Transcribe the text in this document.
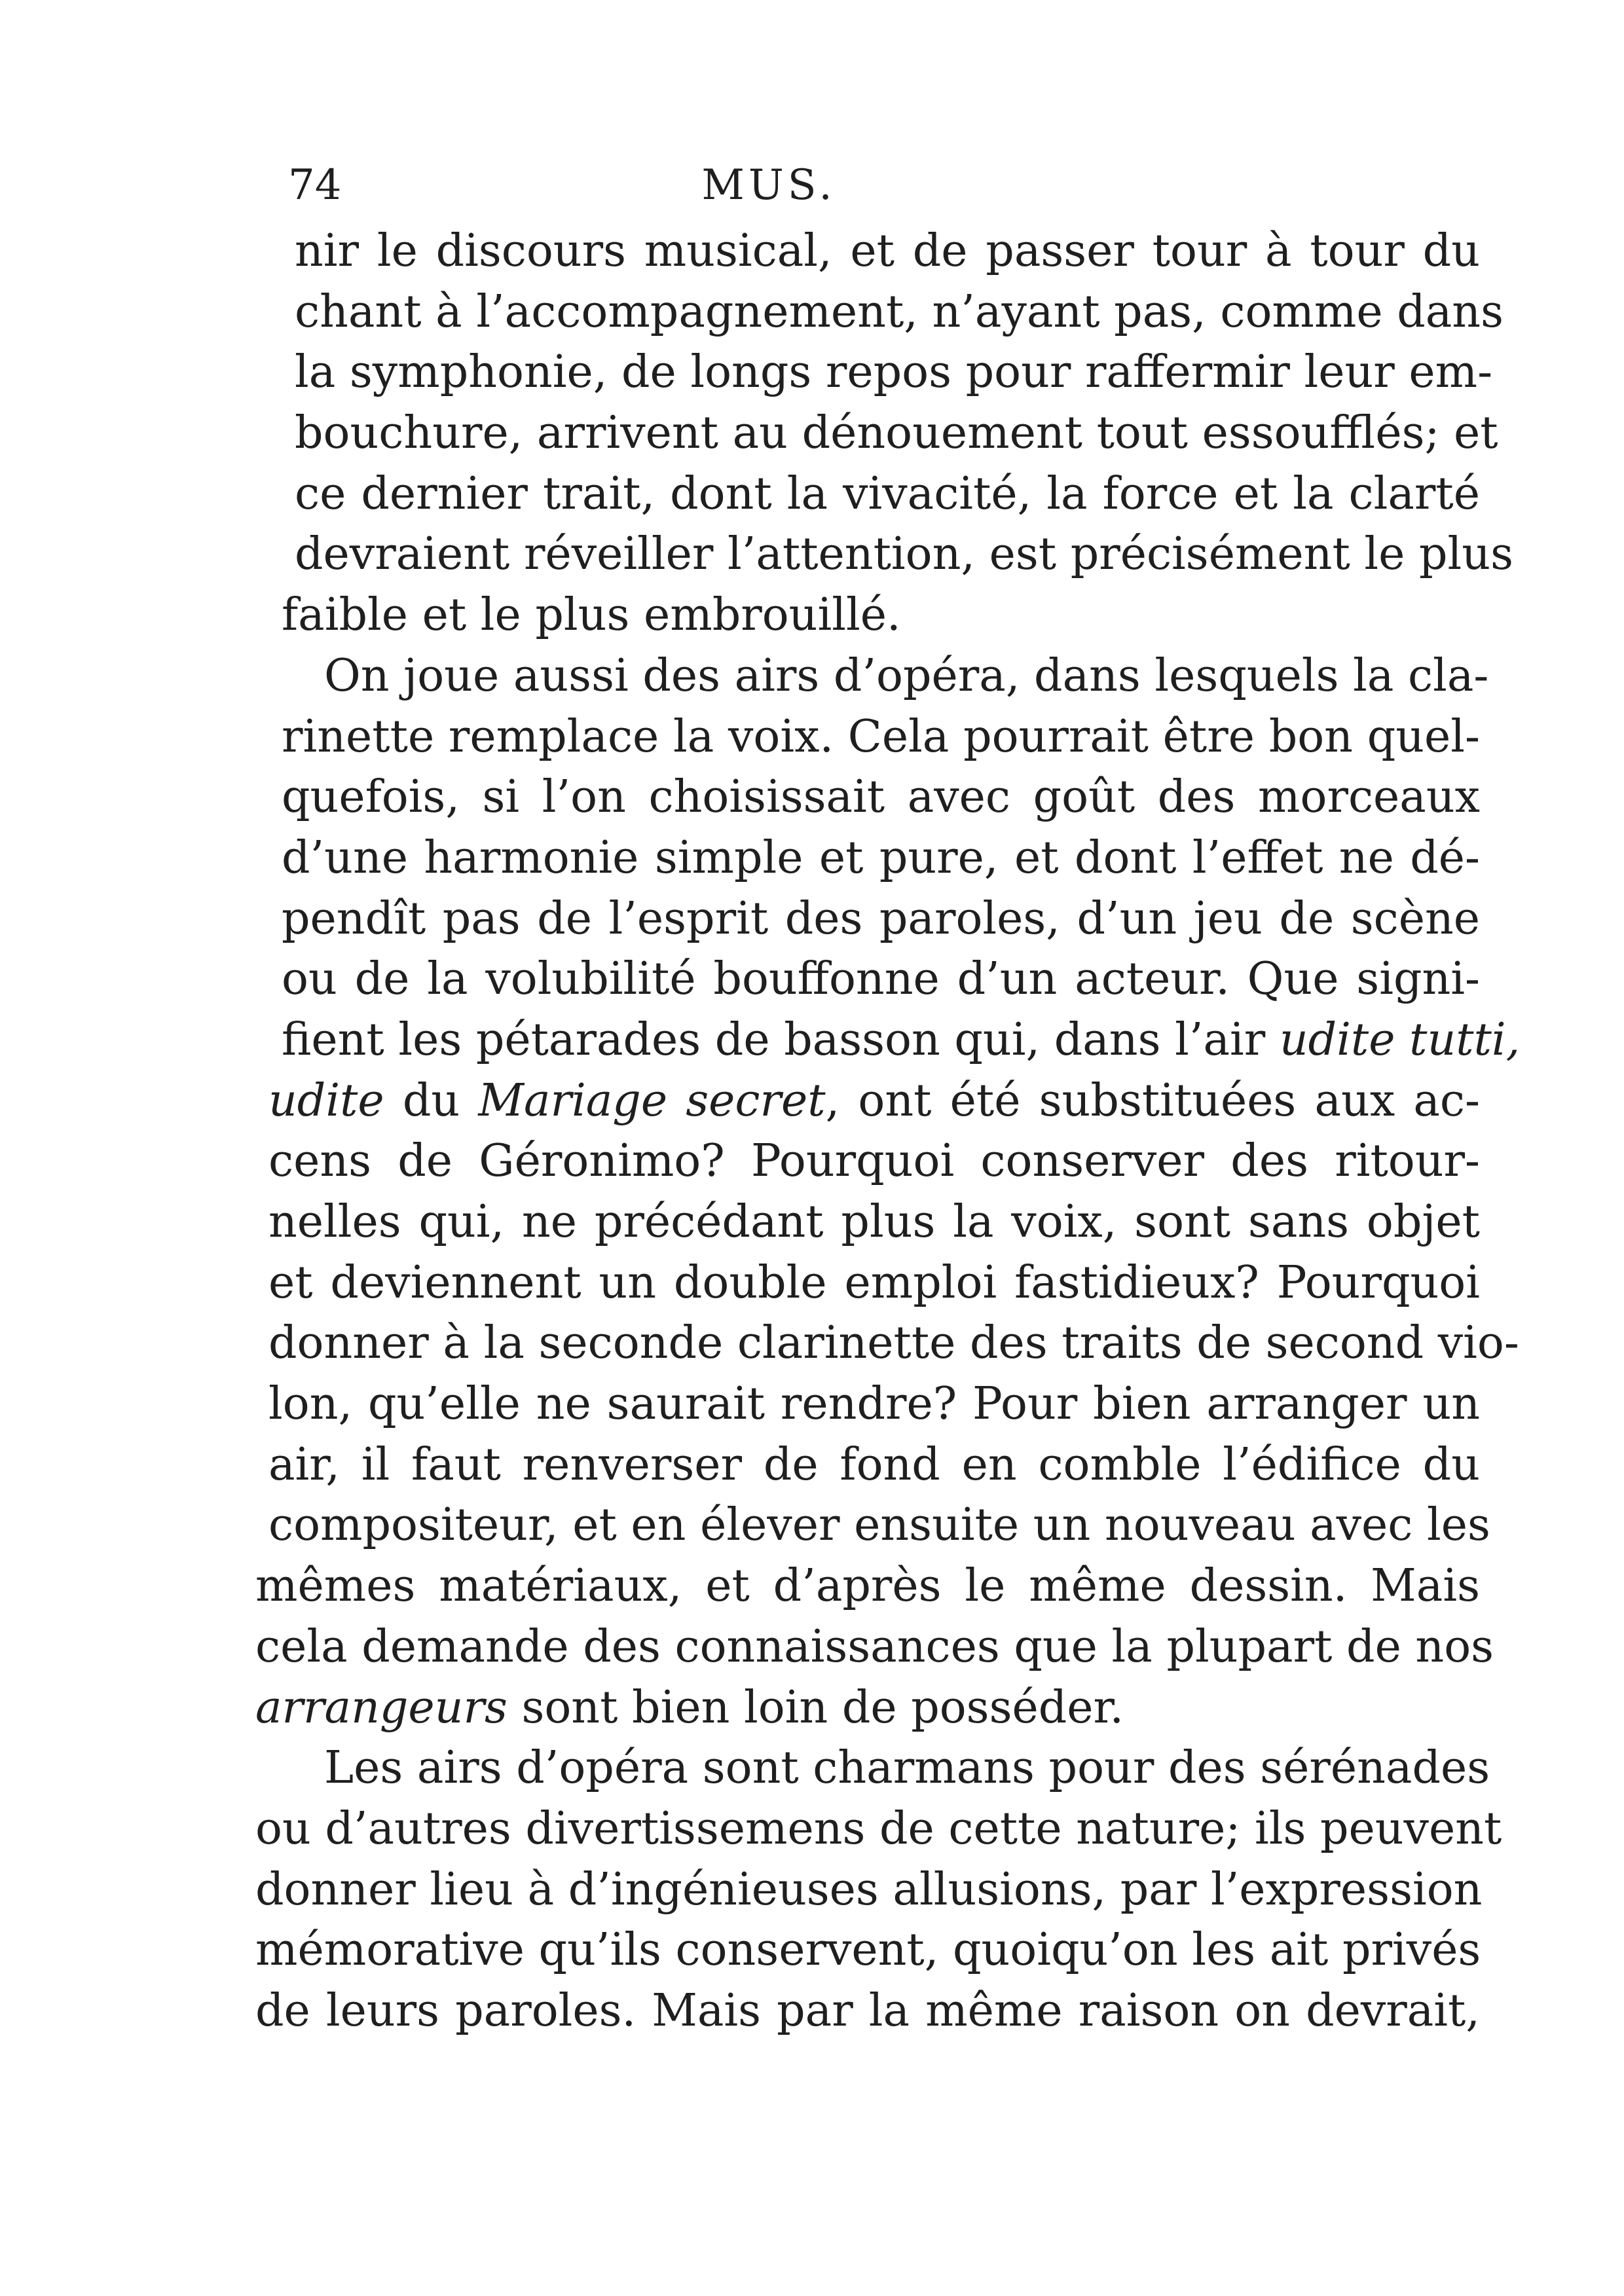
74	MUS.
nir le discours musical, et de passer tour à tour du
chant à l’accompagnement, n’ayant pas, comme dans
la symphonie, de longs repos pour raffermir leur em-
bouchure, arrivent au dénouement tout essoufflés; et
ce dernier trait, dont la vivacité, la force et la clarté
devraient réveiller l’attention, est précisément le plus
faible et le plus embrouillé.
On joue aussi des airs d’opéra, dans lesquels la cla-
rinette remplace la voix. Cela pourrait être bon quel-
quefois, si l’on choisissait avec goût des morceaux
d’une harmonie simple et pure, et dont l’effet ne dé-
pendît pas de l’esprit des paroles, d’un jeu de scène
ou de la volubilité bouffonne d’un acteur. Que signi-
fient les pétarades de basson qui, dans l’air udite tutti,
udite du Mariage secret, ont été substituées aux ac-
cens de Géronimo? Pourquoi conserver des ritour-
nelles qui, ne précédant plus la voix, sont sans objet
et deviennent un double emploi fastidieux? Pourquoi
donner à la seconde clarinette des traits de second vio-
lon, qu’elle ne saurait rendre? Pour bien arranger un
air, il faut renverser de fond en comble l’édifice du
compositeur, et en élever ensuite un nouveau avec les
mêmes matériaux, et d’après le même dessin. Mais
cela demande des connaissances que la plupart de nos
arrangeurs sont bien loin de posséder.
Les airs d’opéra sont charmans pour des sérénades
ou d’autres divertissemens de cette nature; ils peuvent
donner lieu à d’ingénieuses allusions, par l’expression
mémorative qu’ils conservent, quoiqu’on les ait privés
de leurs paroles. Mais par la même raison on devrait,
